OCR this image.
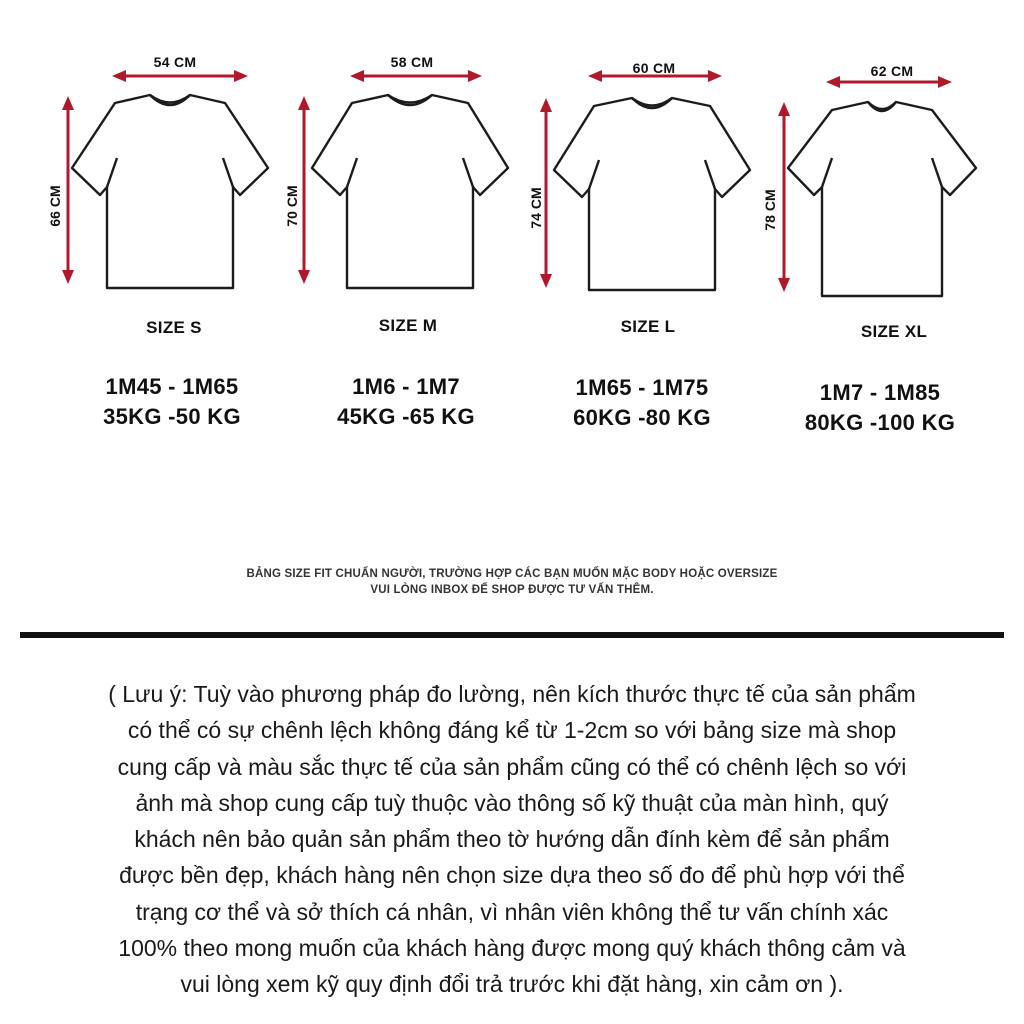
54 CM
66 CM
SIZE S
1M45 - 1M65
35KG -50 KG
58 CM
70 CM
SIZE M
1M6 - 1M7
45KG -65 KG
60 CM
74 CM
SIZE L
1M65 - 1M75
60KG -80 KG
62 CM
78 CM
SIZE XL
1M7 - 1M85
80KG -100 KG
BẢNG SIZE FIT CHUẨN NGƯỜI, TRƯỜNG HỢP CÁC BẠN MUỐN MẶC BODY HOẶC OVERSIZE
VUI LÒNG INBOX ĐỂ SHOP ĐƯỢC TƯ VẤN THÊM.
( Lưu ý: Tuỳ vào phương pháp đo lường, nên kích thước thực tế của sản phẩm
có thể có sự chênh lệch không đáng kể từ 1-2cm so với bảng size mà shop
cung cấp và màu sắc thực tế của sản phẩm cũng có thể có chênh lệch so với
ảnh mà shop cung cấp tuỳ thuộc vào thông số kỹ thuật của màn hình, quý
khách nên bảo quản sản phẩm theo tờ hướng dẫn đính kèm để sản phẩm
được bền đẹp, khách hàng nên chọn size dựa theo số đo để phù hợp với thể
trạng cơ thể và sở thích cá nhân, vì nhân viên không thể tư vấn chính xác
100% theo mong muốn của khách hàng được mong quý khách thông cảm và
vui lòng xem kỹ quy định đổi trả trước khi đặt hàng, xin cảm ơn ).
